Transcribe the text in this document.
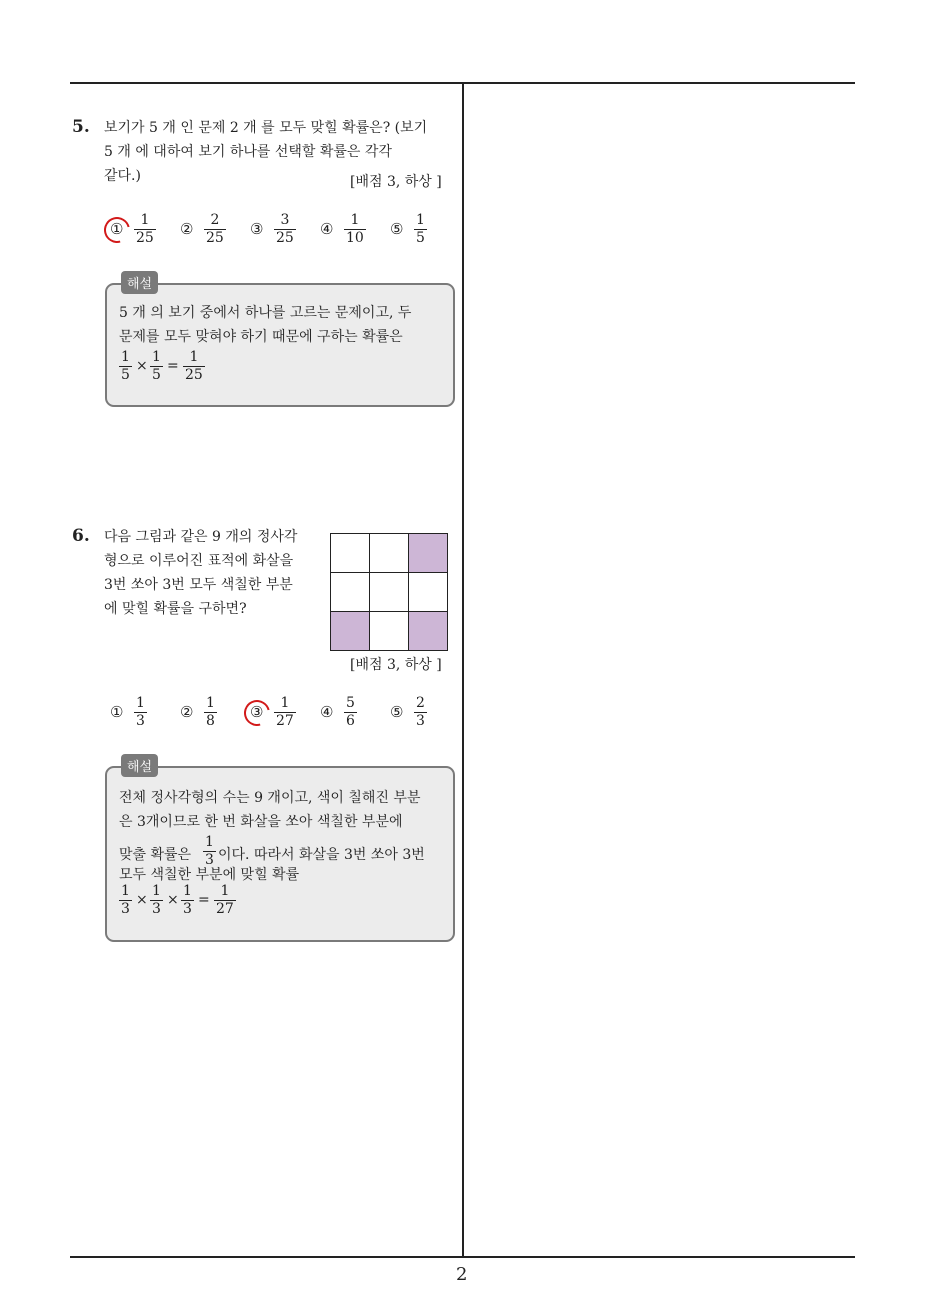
5. 보기가 5 개 인 문제 2 개 를 모두 맞힐 확률은? (보기
5 개 에 대하여 보기 하나를 선택할 확률은 각각
같다.)	[배점 3, 하상 ]
① $\frac{1}{25}$ ② $\frac{2}{25}$ ③ $\frac{3}{25}$ ④ $\frac{1}{10}$ ⑤ $\frac{1}{5}$
5 개 의 보기 중에서 하나를 고르는 문제이고, 두
문제를 모두 맞혀야 하기 때문에 구하는 확률은
$\frac{1}{5} \times \frac{1}{5} = \frac{1}{25}$
해설
6. 다음 그림과 같은 9 개의 정사각
형으로 이루어진 표적에 화살을
3번 쏘아 3번 모두 색칠한 부분
에 맞힐 확률을 구하면?

[배점 3, 하상 ]
① $\frac{1}{3}$ ② $\frac{1}{8}$ ③ $\frac{1}{27}$ ④ $\frac{5}{6}$ ⑤ $\frac{2}{3}$
전체 정사각형의 수는 9 개이고, 색이 칠해진 부분
은 3개이므로 한 번 화살을 쏘아 색칠한 부분에
맞출 확률은 $\frac{1}{3}$ 이다. 따라서 화살을 3번 쏘아 3번
모두 색칠한 부분에 맞힐 확률
$\frac{1}{3} \times \frac{1}{3} \times \frac{1}{3} = \frac{1}{27}$
해설
2
